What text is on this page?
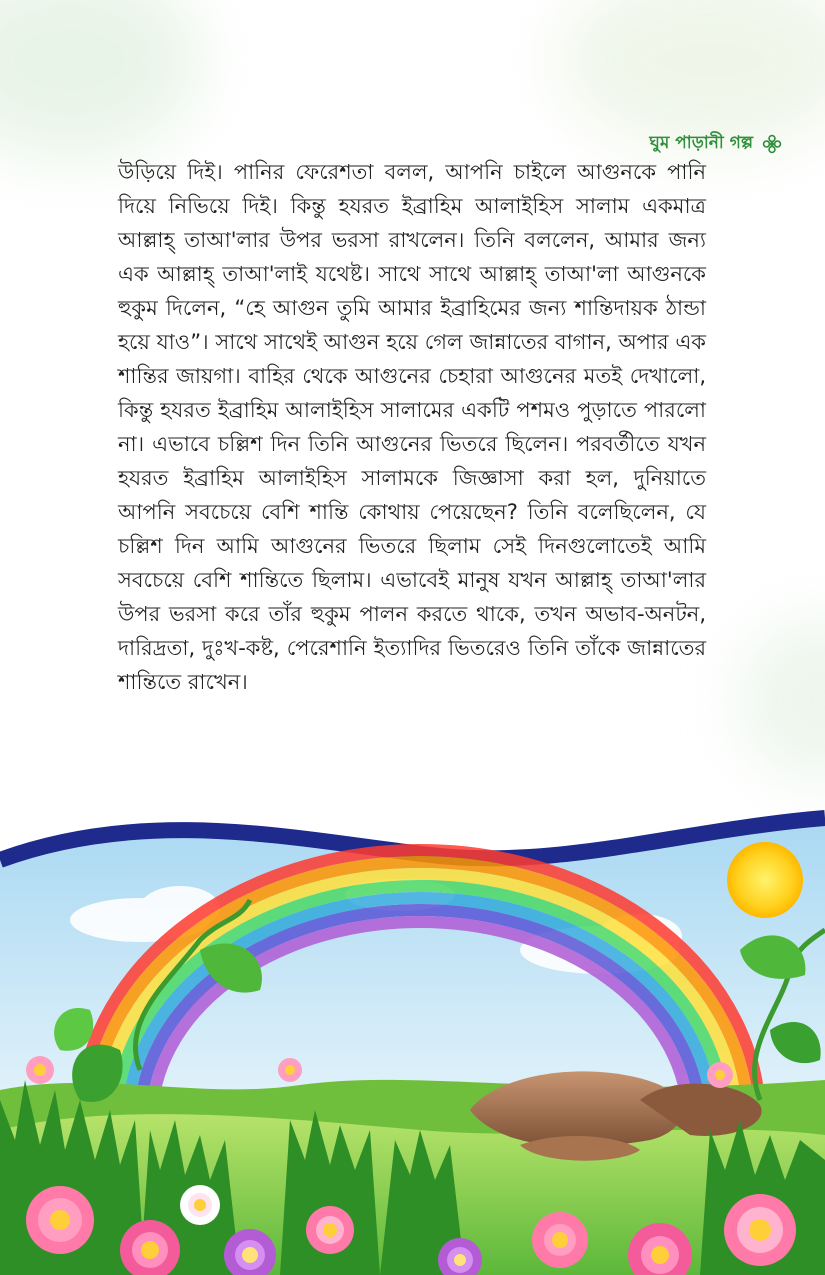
ঘুম পাড়ানী গল্প

উড়িয়ে দিই। পানির ফেরেশতা বলল, আপনি চাইলে আগুনকে পানি দিয়ে নিভিয়ে দিই। কিন্তু হযরত ইব্রাহিম আলাইহিস সালাম একমাত্র আল্লাহ্ তাআ'লার উপর ভরসা রাখলেন। তিনি বললেন, আমার জন্য এক আল্লাহ্ তাআ'লাই যথেষ্ট। সাথে সাথে আল্লাহ্ তাআ'লা আগুনকে হুকুম দিলেন, “হে আগুন তুমি আমার ইব্রাহিমের জন্য শান্তিদায়ক ঠান্ডা হয়ে যাও”। সাথে সাথেই আগুন হয়ে গেল জান্নাতের বাগান, অপার এক শান্তির জায়গা। বাহির থেকে আগুনের চেহারা আগুনের মতই দেখালো, কিন্তু হযরত ইব্রাহিম আলাইহিস সালামের একটি পশমও পুড়াতে পারলো না। এভাবে চল্লিশ দিন তিনি আগুনের ভিতরে ছিলেন। পরবর্তীতে যখন হযরত ইব্রাহিম আলাইহিস সালামকে জিজ্ঞাসা করা হল, দুনিয়াতে আপনি সবচেয়ে বেশি শান্তি কোথায় পেয়েছেন? তিনি বলেছিলেন, যে চল্লিশ দিন আমি আগুনের ভিতরে ছিলাম সেই দিনগুলোতেই আমি সবচেয়ে বেশি শান্তিতে ছিলাম। এভাবেই মানুষ যখন আল্লাহ্ তাআ'লার উপর ভরসা করে তাঁর হুকুম পালন করতে থাকে, তখন অভাব-অনটন, দারিদ্রতা, দুঃখ-কষ্ট, পেরেশানি ইত্যাদির ভিতরেও তিনি তাঁকে জান্নাতের শান্তিতে রাখেন।
